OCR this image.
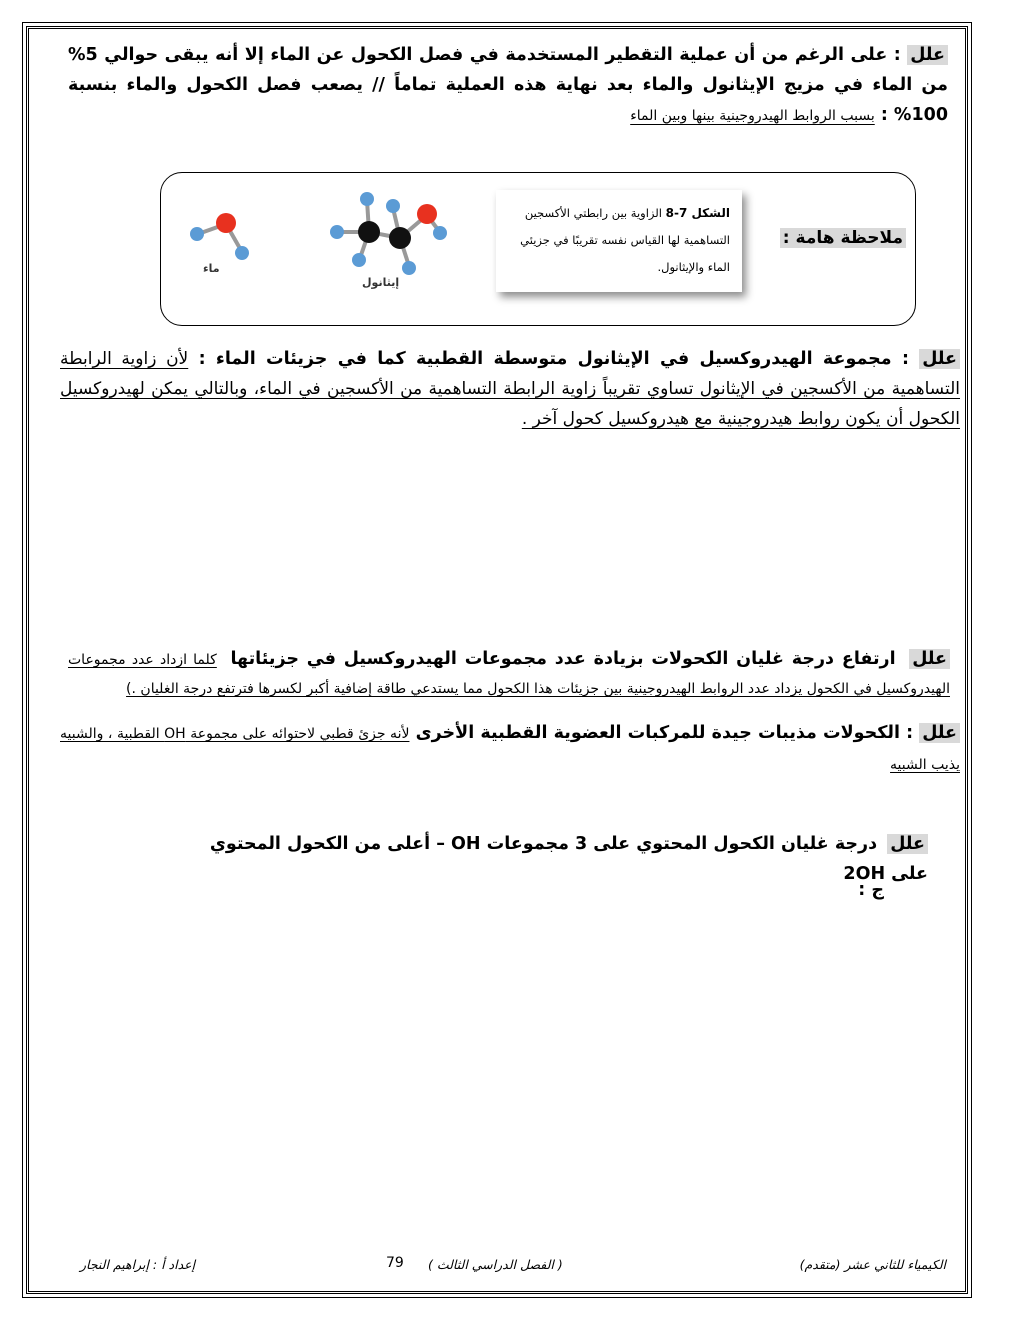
علل : على الرغم من أن عملية التقطير المستخدمة في فصل الكحول عن الماء إلا أنه يبقى حوالي 5% من الماء في مزيج الإيثانول والماء بعد نهاية هذه العملية تماماً // يصعب فصل الكحول والماء بنسبة 100% : بسبب الروابط الهيدروجينية بينها وبين الماء
ملاحظة هامة :
الشكل 7-8 الزاوية بين رابطتي الأكسجين التساهمية لها القياس نفسه تقريبًا في جزيئي الماء والإيثانول.
إيثانول
ماء
علل : مجموعة الهيدروكسيل في الإيثانول متوسطة القطبية كما في جزيئات الماء : لأن زاوية الرابطة التساهمية من الأكسجين في الإيثانول تساوي تقريباً زاوية الرابطة التساهمية من الأكسجين في الماء، وبالتالي يمكن لهيدروكسيل الكحول أن يكون روابط هيدروجينية مع هيدروكسيل كحول آخر .
علل  ارتفاع درجة غليان الكحولات بزيادة عدد مجموعات الهيدروكسيل في جزيئاتها  كلما ازداد عدد مجموعات الهيدروكسيل في الكحول يزداد عدد الروابط الهيدروجينية بين جزيئات هذا الكحول مما يستدعي طاقة إضافية أكبر لكسرها فترتفع درجة الغليان .)
علل : الكحولات مذيبات جيدة للمركبات العضوية القطبية الأخرى لأنه جزئ قطبي لاحتوائه على مجموعة OH القطبية ، والشبيه يذيب الشبيه
علل  درجة غليان الكحول المحتوي على 3 مجموعات OH – أعلى من الكحول المحتوي على 2OH
ج :
الكيمياء للثاني عشر (متقدم)
( الفصل الدراسي الثالث )
79
إعداد أ : إبراهيم النجار
